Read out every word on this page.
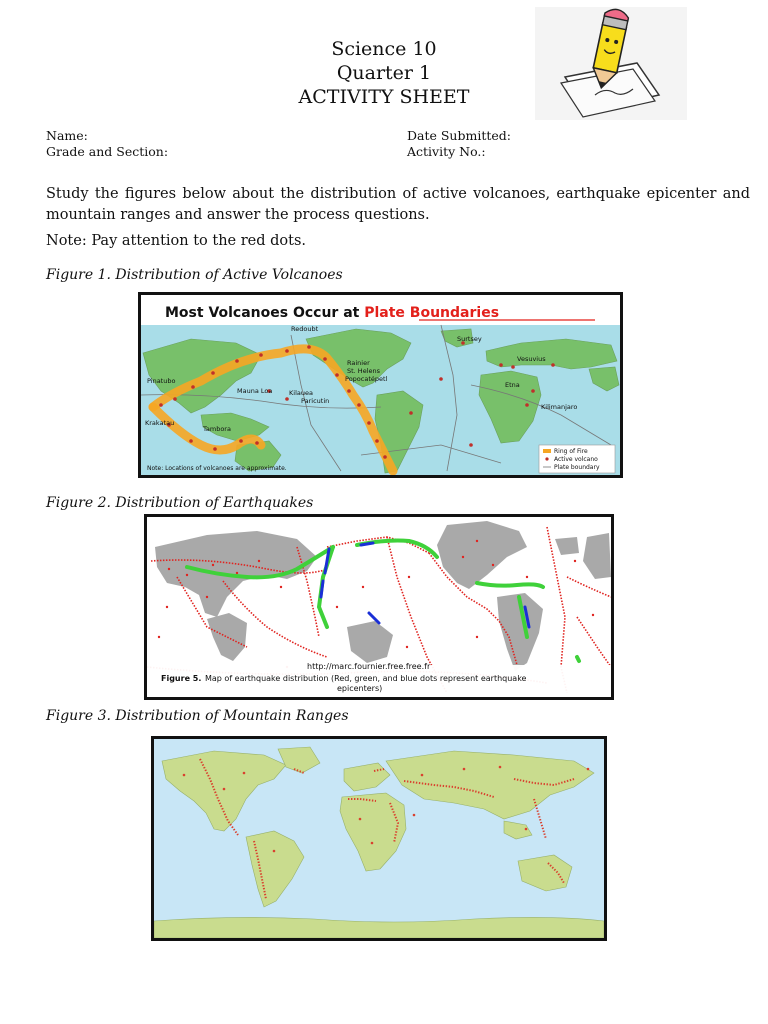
Science 10
Quarter 1
ACTIVITY SHEET
Name:
Grade and Section:
Date Submitted:
Activity No.:
Study the figures below about the distribution of active volcanoes, earthquake epicenter and mountain ranges and answer the process questions.
Note: Pay attention to the red dots.
Figure 1. Distribution of Active Volcanoes
Most Volcanoes Occur at Plate Boundaries
Redoubt
Surtsey
Rainier
St. Helens
Popocatépetl
Vesuvius
Pinatubo
Mauna Loa	Kilauea
Paricutin
Etna
Kilimanjaro
Krakatau
Tambora
Ring of Fire
Active volcano
Plate boundary
Note: Locations of volcanoes are approximate.
Figure 2. Distribution of Earthquakes
http://marc.fournier.free.free.fr
Figure 5. Map of earthquake distribution (Red, green, and blue dots represent earthquake
epicenters)
Figure 3. Distribution of Mountain Ranges
